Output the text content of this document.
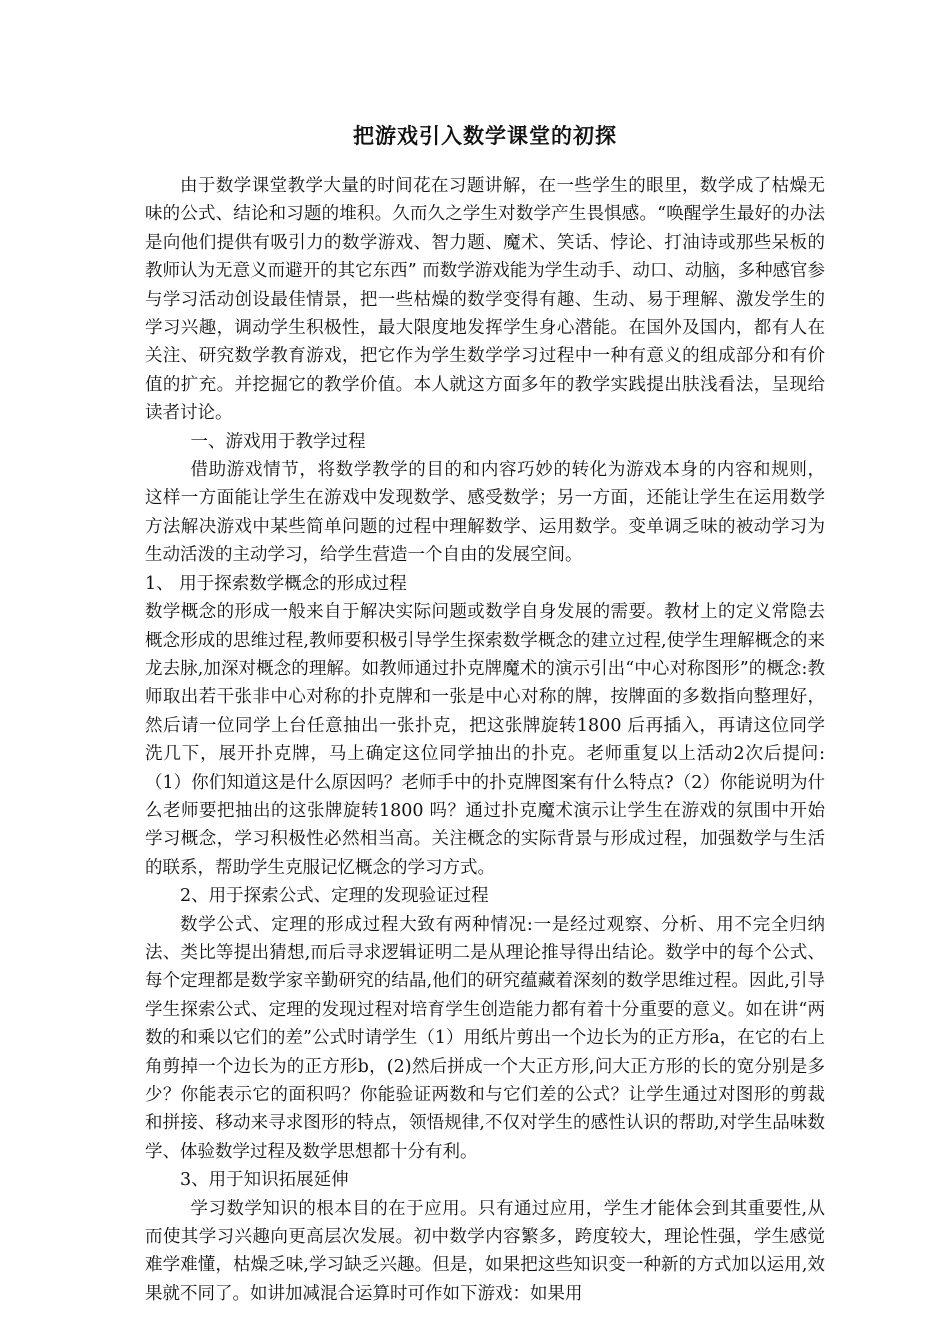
把游戏引入数学课堂的初探

由于数学课堂教学大量的时间花在习题讲解，在一些学生的眼里，数学成了枯燥无味的公式、结论和习题的堆积。久而久之学生对数学产生畏惧感。“唤醒学生最好的办法是向他们提供有吸引力的数学游戏、智力题、魔术、笑话、悖论、打油诗或那些呆板的教师认为无意义而避开的其它东西” 而数学游戏能为学生动手、动口、动脑，多种感官参与学习活动创设最佳情景，把一些枯燥的数学变得有趣、生动、易于理解、激发学生的学习兴趣，调动学生积极性，最大限度地发挥学生身心潜能。在国外及国内，都有人在关注、研究数学教育游戏，把它作为学生数学学习过程中一种有意义的组成部分和有价值的扩充。并挖掘它的教学价值。本人就这方面多年的教学实践提出肤浅看法，呈现给读者讨论。

一、游戏用于教学过程

借助游戏情节，将数学教学的目的和内容巧妙的转化为游戏本身的内容和规则， 这样一方面能让学生在游戏中发现数学、感受数学；另一方面，还能让学生在运用数学方法解决游戏中某些简单问题的过程中理解数学、运用数学。变单调乏味的被动学习为生动活泼的主动学习，给学生营造一个自由的发展空间。

1、 用于探索数学概念的形成过程

数学概念的形成一般来自于解决实际问题或数学自身发展的需要。教材上的定义常隐去概念形成的思维过程,教师要积极引导学生探索数学概念的建立过程,使学生理解概念的来龙去脉,加深对概念的理解。如教师通过扑克牌魔术的演示引出“中心对称图形”的概念:教师取出若干张非中心对称的扑克牌和一张是中心对称的牌，按牌面的多数指向整理好，然后请一位同学上台任意抽出一张扑克，把这张牌旋转1800 后再插入，再请这位同学洗几下，展开扑克牌，马上确定这位同学抽出的扑克。老师重复以上活动2次后提问:（1）你们知道这是什么原因吗？老师手中的扑克牌图案有什么特点?（2）你能说明为什么老师要把抽出的这张牌旋转1800 吗？通过扑克魔术演示让学生在游戏的氛围中开始学习概念，学习积极性必然相当高。关注概念的实际背景与形成过程，加强数学与生活的联系，帮助学生克服记忆概念的学习方式。

2、用于探索公式、定理的发现验证过程

数学公式、定理的形成过程大致有两种情况:一是经过观察、分析、用不完全归纳法、类比等提出猜想,而后寻求逻辑证明二是从理论推导得出结论。数学中的每个公式、每个定理都是数学家辛勤研究的结晶,他们的研究蕴藏着深刻的数学思维过程。因此,引导学生探索公式、定理的发现过程对培育学生创造能力都有着十分重要的意义。如在讲“两数的和乘以它们的差”公式时请学生（1）用纸片剪出一个边长为的正方形a，在它的右上角剪掉一个边长为的正方形b，(2)然后拼成一个大正方形,问大正方形的长的宽分别是多少？你能表示它的面积吗？你能验证两数和与它们差的公式？让学生通过对图形的剪裁和拼接、移动来寻求图形的特点，领悟规律,不仅对学生的感性认识的帮助,对学生品味数学、体验数学过程及数学思想都十分有利。

3、用于知识拓展延伸

学习数学知识的根本目的在于应用。只有通过应用，学生才能体会到其重要性,从而使其学习兴趣向更高层次发展。初中数学内容繁多，跨度较大，理论性强，学生感觉难学难懂，枯燥乏味,学习缺乏兴趣。但是，如果把这些知识变一种新的方式加以运用,效果就不同了。如讲加减混合运算时可作如下游戏：如果用
